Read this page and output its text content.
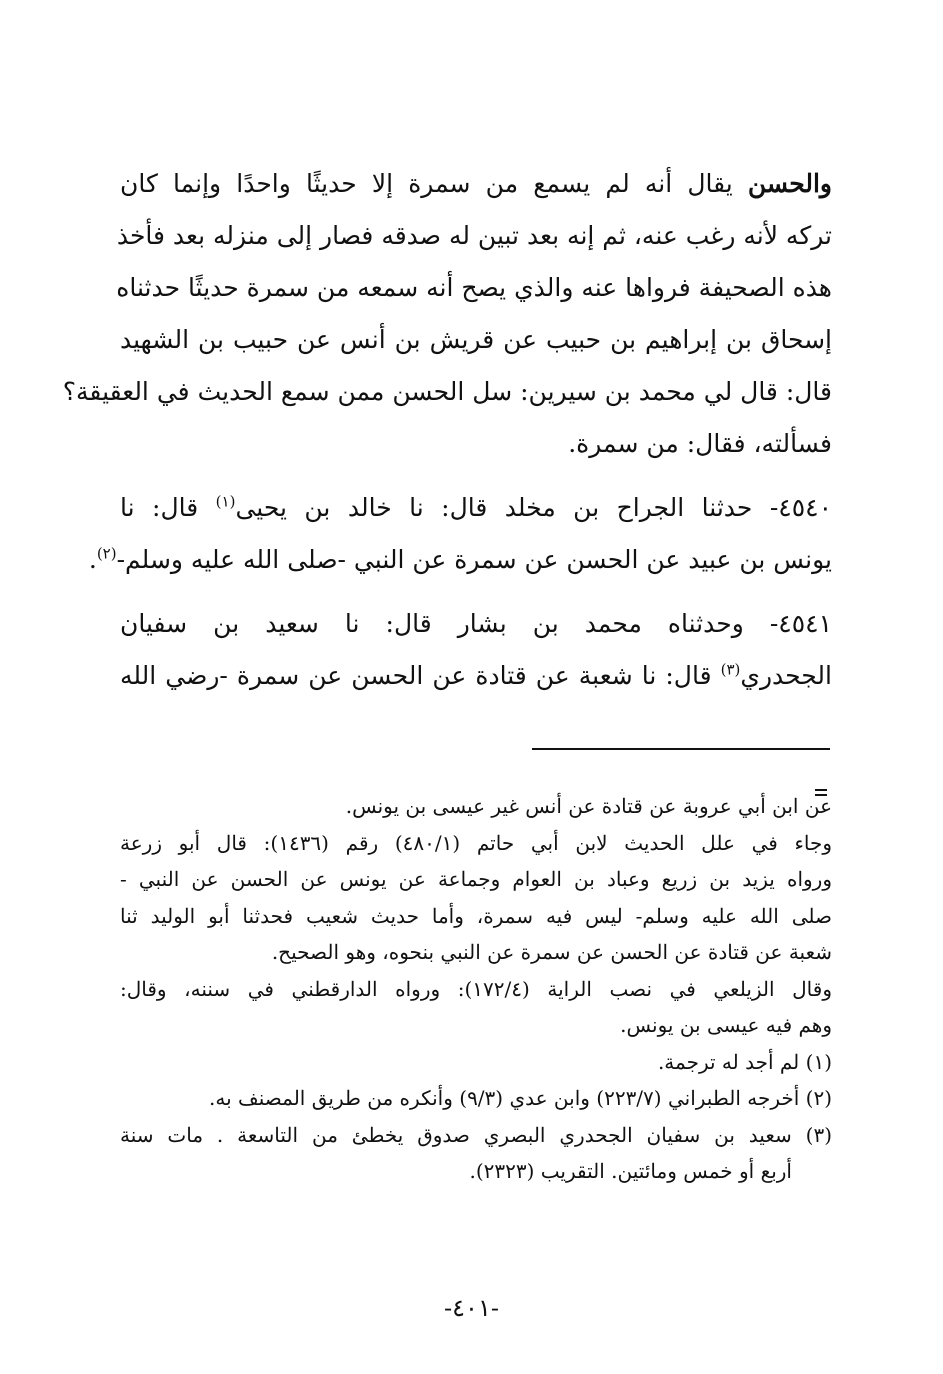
والحسن يقال أنه لم يسمع من سمرة إلا حديثًا واحدًا وإنما كان
تركه لأنه رغب عنه، ثم إنه بعد تبين له صدقه فصار إلى منزله بعد فأخذ
هذه الصحيفة فرواها عنه والذي يصح أنه سمعه من سمرة حديثًا حدثناه
إسحاق بن إبراهيم بن حبيب عن قريش بن أنس عن حبيب بن الشهيد
قال: قال لي محمد بن سيرين: سل الحسن ممن سمع الحديث في العقيقة؟
فسألته، فقال: من سمرة.

٤٥٤٠- حدثنا الجراح بن مخلد قال: نا خالد بن يحيى$^{(١)}$ قال: نا
يونس بن عبيد عن الحسن عن سمرة عن النبي -صلى الله عليه وسلم-$^{(٢)}$.

٤٥٤١- وحدثناه محمد بن بشار قال: نا سعيد بن سفيان
الجحدري$^{(٣)}$ قال: نا شعبة عن قتادة عن الحسن عن سمرة -رضي الله

عن ابن أبي عروبة عن قتادة عن أنس غير عيسى بن يونس.
وجاء في علل الحديث لابن أبي حاتم (٤٨٠/١) رقم (١٤٣٦): قال أبو زرعة
ورواه يزيد بن زريع وعباد بن العوام وجماعة عن يونس عن الحسن عن النبي -
صلى الله عليه وسلم- ليس فيه سمرة، وأما حديث شعيب فحدثنا أبو الوليد ثنا
شعبة عن قتادة عن الحسن عن سمرة عن النبي بنحوه، وهو الصحيح.
وقال الزيلعي في نصب الراية (١٧٢/٤): ورواه الدارقطني في سننه، وقال:
وهم فيه عيسى بن يونس.
(١) لم أجد له ترجمة.
(٢) أخرجه الطبراني (٢٢٣/٧) وابن عدي (٩/٣) وأنكره من طريق المصنف به.
(٣) سعيد بن سفيان الجحدري البصري صدوق يخطئ من التاسعة . مات سنة
أربع أو خمس ومائتين. التقريب (٢٣٢٣).
-٤٠١-
